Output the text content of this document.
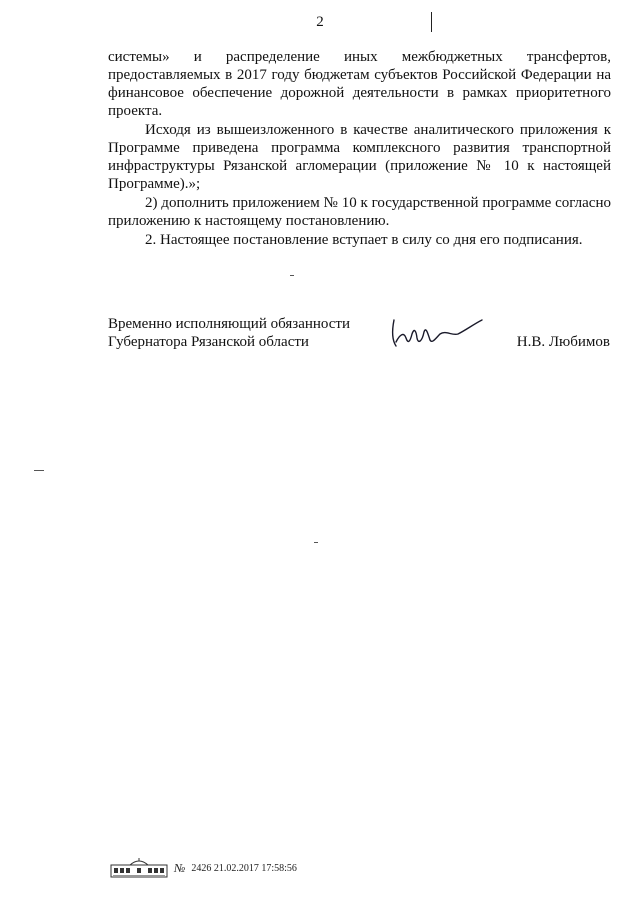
2

системы» и распределение иных межбюджетных трансфертов, предоставляемых в 2017 году бюджетам субъектов Российской Федерации на финансовое обеспечение дорожной деятельности в рамках приоритетного проекта.

Исходя из вышеизложенного в качестве аналитического приложения к Программе приведена программа комплексного развития транспортной инфраструктуры Рязанской агломерации (приложение № 10 к настоящей Программе).»;

2) дополнить приложением № 10 к государственной программе согласно приложению к настоящему постановлению.

2. Настоящее постановление вступает в силу со дня его подписания.

Временно исполняющий обязанности
Губернатора Рязанской области	Н.В. Любимов
№ 2426 21.02.2017 17:58:56
